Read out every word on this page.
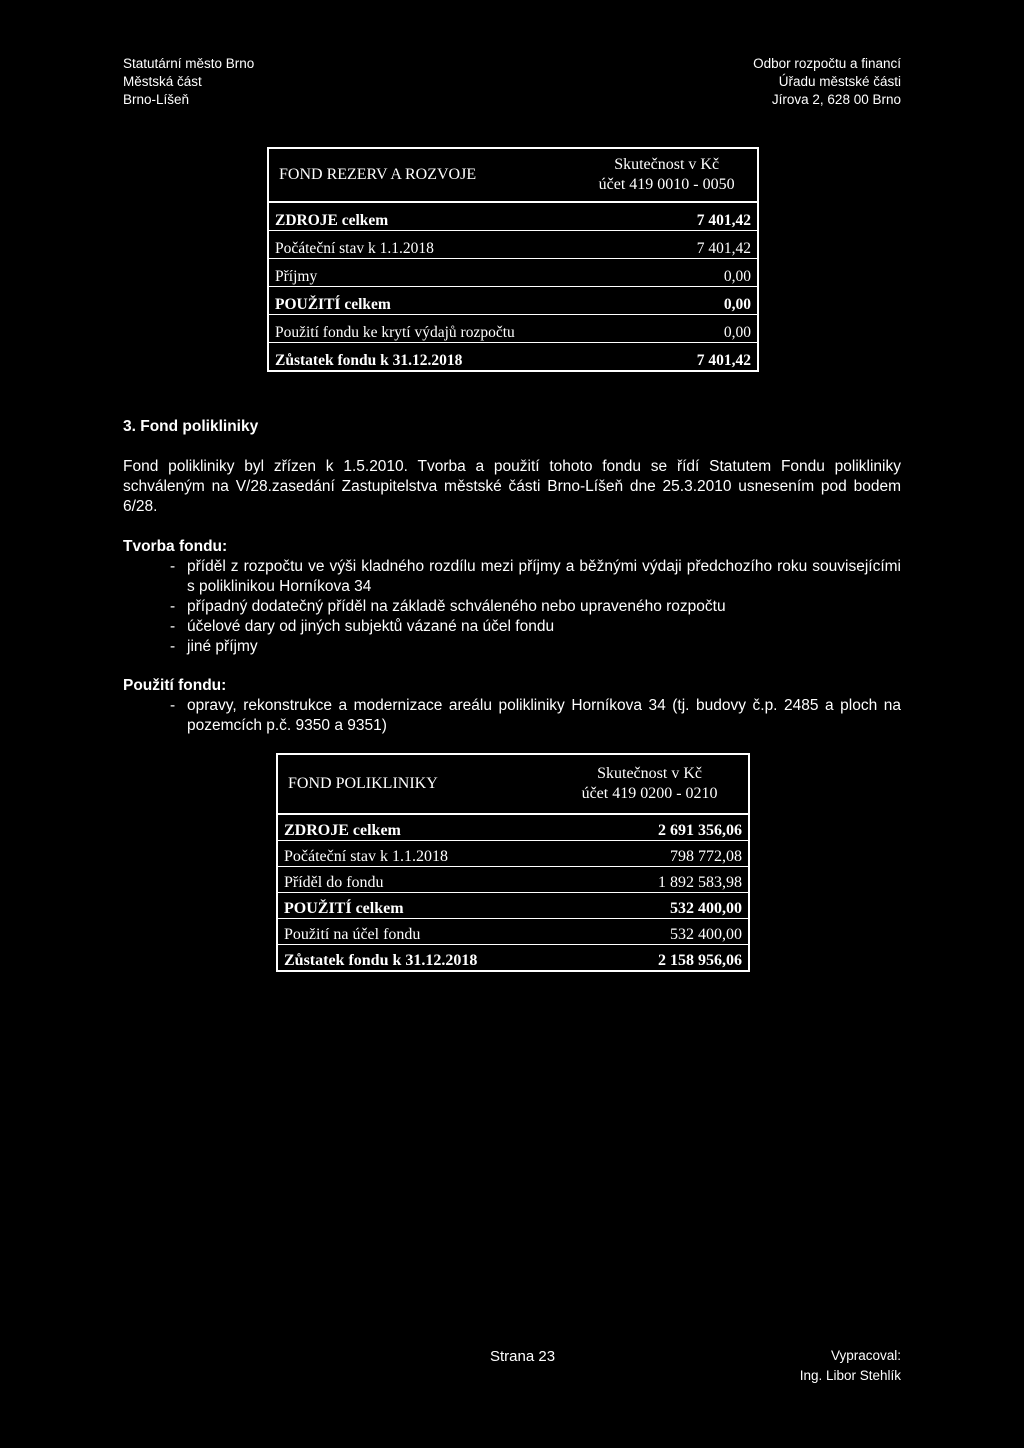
Statutární město Brno
Městská část
Brno-Líšeň
Odbor rozpočtu a financí
Úřadu městské části
Jírova 2, 628 00 Brno
FOND REZERV A ROZVOJE	Skutečnost v Kč
účet 419 0010 - 0050

ZDROJE celkem	7 401,42
Počáteční stav k 1.1.2018	7 401,42
Příjmy	0,00
POUŽITÍ celkem	0,00
Použití fondu ke krytí výdajů rozpočtu	0,00
Zůstatek fondu k 31.12.2018	7 401,42
3. Fond polikliniky
Fond polikliniky byl zřízen k 1.5.2010. Tvorba a použití tohoto fondu se řídí Statutem Fondu polikliniky schváleným na V/28.zasedání Zastupitelstva městské části Brno-Líšeň dne 25.3.2010 usnesením pod bodem 6/28.
Tvorba fondu:
- příděl z rozpočtu ve výši kladného rozdílu mezi příjmy a běžnými výdaji předchozího roku souvisejícími s poliklinikou Horníkova 34
- případný dodatečný příděl na základě schváleného nebo upraveného rozpočtu
- účelové dary od jiných subjektů vázané na účel fondu
- jiné příjmy
Použití fondu:
- opravy, rekonstrukce a modernizace areálu polikliniky Horníkova 34 (tj. budovy č.p. 2485 a ploch na pozemcích p.č. 9350 a 9351)
FOND POLIKLINIKY	Skutečnost v Kč
účet 419 0200 - 0210

ZDROJE celkem	2 691 356,06
Počáteční stav k 1.1.2018	798 772,08
Příděl do fondu	1 892 583,98
POUŽITÍ celkem	532 400,00
Použití na účel fondu	532 400,00
Zůstatek fondu k 31.12.2018	2 158 956,06
Strana 23	Vypracoval:
Ing. Libor Stehlík
